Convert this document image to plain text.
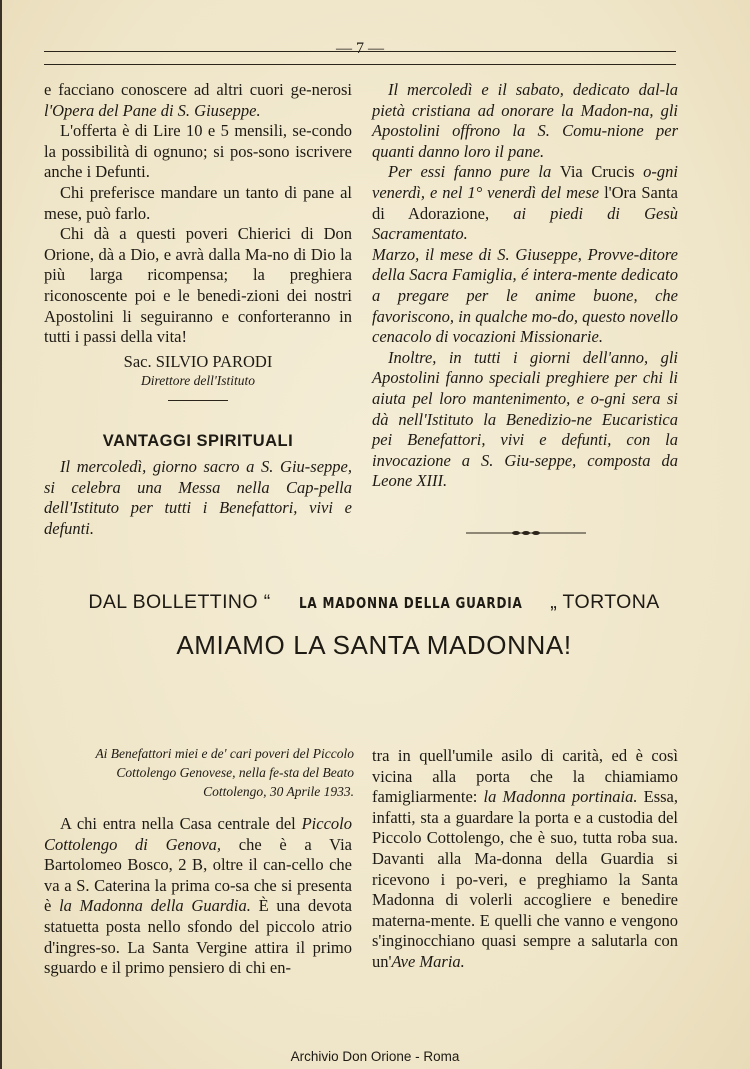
— 7 —

e facciano conoscere ad altri cuori ge-nerosi l'Opera del Pane di S. Giuseppe.

L'offerta è di Lire 10 e 5 mensili, se-condo la possibilità di ognuno; si pos-sono iscrivere anche i Defunti.

Chi preferisce mandare un tanto di pane al mese, può farlo.

Chi dà a questi poveri Chierici di Don Orione, dà a Dio, e avrà dalla Ma-no di Dio la più larga ricompensa; la preghiera riconoscente poi e le benedi-zioni dei nostri Apostolini li seguiranno e conforteranno in tutti i passi della vita!

Sac. SILVIO PARODI

Direttore dell'Istituto

VANTAGGI SPIRITUALI

Il mercoledì, giorno sacro a S. Giu-seppe, si celebra una Messa nella Cap-pella dell'Istituto per tutti i Benefattori, vivi e defunti.

Il mercoledì e il sabato, dedicato dal-la pietà cristiana ad onorare la Madon-na, gli Apostolini offrono la S. Comu-nione per quanti danno loro il pane.

Per essi fanno pure la Via Crucis o-gni venerdì, e nel 1° venerdì del mese l'Ora Santa di Adorazione, ai piedi di Gesù Sacramentato.

Marzo, il mese di S. Giuseppe, Provve-ditore della Sacra Famiglia, é intera-mente dedicato a pregare per le anime buone, che favoriscono, in qualche mo-do, questo novello cenacolo di vocazioni Missionarie.

Inoltre, in tutti i giorni dell'anno, gli Apostolini fanno speciali preghiere per chi li aiuta pel loro mantenimento, e o-gni sera si dà nell'Istituto la Benedizio-ne Eucaristica pei Benefattori, vivi e defunti, con la invocazione a S. Giu-seppe, composta da Leone XIII.

DAL BOLLETTINO “ LA MADONNA DELLA GUARDIA „ TORTONA
AMIAMO LA SANTA MADONNA!
Ai Benefattori miei e de' cari poveri del Piccolo Cottolengo Genovese, nella fe-sta del Beato Cottolengo, 30 Aprile 1933.

A chi entra nella Casa centrale del Piccolo Cottolengo di Genova, che è a Via Bartolomeo Bosco, 2 B, oltre il can-cello che va a S. Caterina la prima co-sa che si presenta è la Madonna della Guardia. È una devota statuetta posta nello sfondo del piccolo atrio d'ingres-so. La Santa Vergine attira il primo sguardo e il primo pensiero di chi en-

tra in quell'umile asilo di carità, ed è così vicina alla porta che la chiamiamo famigliarmente: la Madonna portinaia. Essa, infatti, sta a guardare la porta e a custodia del Piccolo Cottolengo, che è suo, tutta roba sua. Davanti alla Ma-donna della Guardia si ricevono i po-veri, e preghiamo la Santa Madonna di volerli accogliere e benedire materna-mente. E quelli che vanno e vengono s'inginocchiano quasi sempre a salutarla con un'Ave Maria.

Archivio Don Orione - Roma
